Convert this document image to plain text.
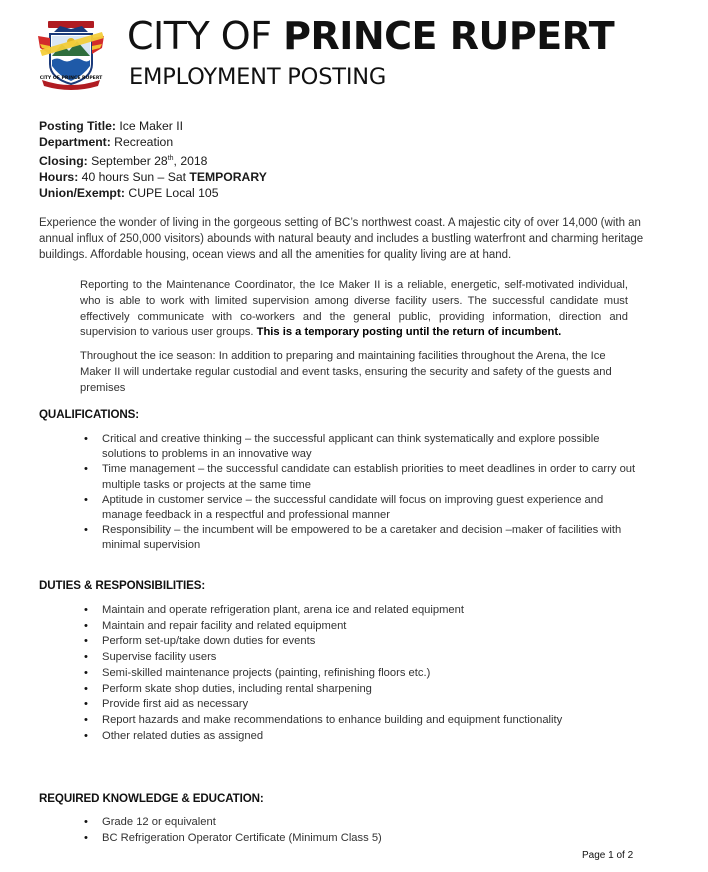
CITY OF PRINCE RUPERT
CITY OF PRINCE RUPERT
EMPLOYMENT POSTING
Posting Title: Ice Maker II
Department: Recreation
Closing: September 28th, 2018
Hours: 40 hours Sun – Sat TEMPORARY
Union/Exempt: CUPE Local 105
Experience the wonder of living in the gorgeous setting of BC’s northwest coast. A majestic city of over 14,000 (with an annual influx of 250,000 visitors) abounds with natural beauty and includes a bustling waterfront and charming heritage buildings. Affordable housing, ocean views and all the amenities for quality living are at hand.
Reporting to the Maintenance Coordinator, the Ice Maker II is a reliable, energetic, self-motivated individual, who is able to work with limited supervision among diverse facility users. The successful candidate must effectively communicate with co-workers and the general public, providing information, direction and supervision to various user groups. This is a temporary posting until the return of incumbent.
Throughout the ice season: In addition to preparing and maintaining facilities throughout the Arena, the Ice Maker II will undertake regular custodial and event tasks, ensuring the security and safety of the guests and premises
QUALIFICATIONS:
• Critical and creative thinking – the successful applicant can think systematically and explore possible solutions to problems in an innovative way
• Time management – the successful candidate can establish priorities to meet deadlines in order to carry out multiple tasks or projects at the same time
• Aptitude in customer service – the successful candidate will focus on improving guest experience and manage feedback in a respectful and professional manner
• Responsibility – the incumbent will be empowered to be a caretaker and decision –maker of facilities with minimal supervision
DUTIES & RESPONSIBILITIES:
• Maintain and operate refrigeration plant, arena ice and related equipment
• Maintain and repair facility and related equipment
• Perform set-up/take down duties for events
• Supervise facility users
• Semi-skilled maintenance projects (painting, refinishing floors etc.)
• Perform skate shop duties, including rental sharpening
• Provide first aid as necessary
• Report hazards and make recommendations to enhance building and equipment functionality
• Other related duties as assigned
REQUIRED KNOWLEDGE & EDUCATION:
• Grade 12 or equivalent
• BC Refrigeration Operator Certificate (Minimum Class 5)
Page 1 of 2
